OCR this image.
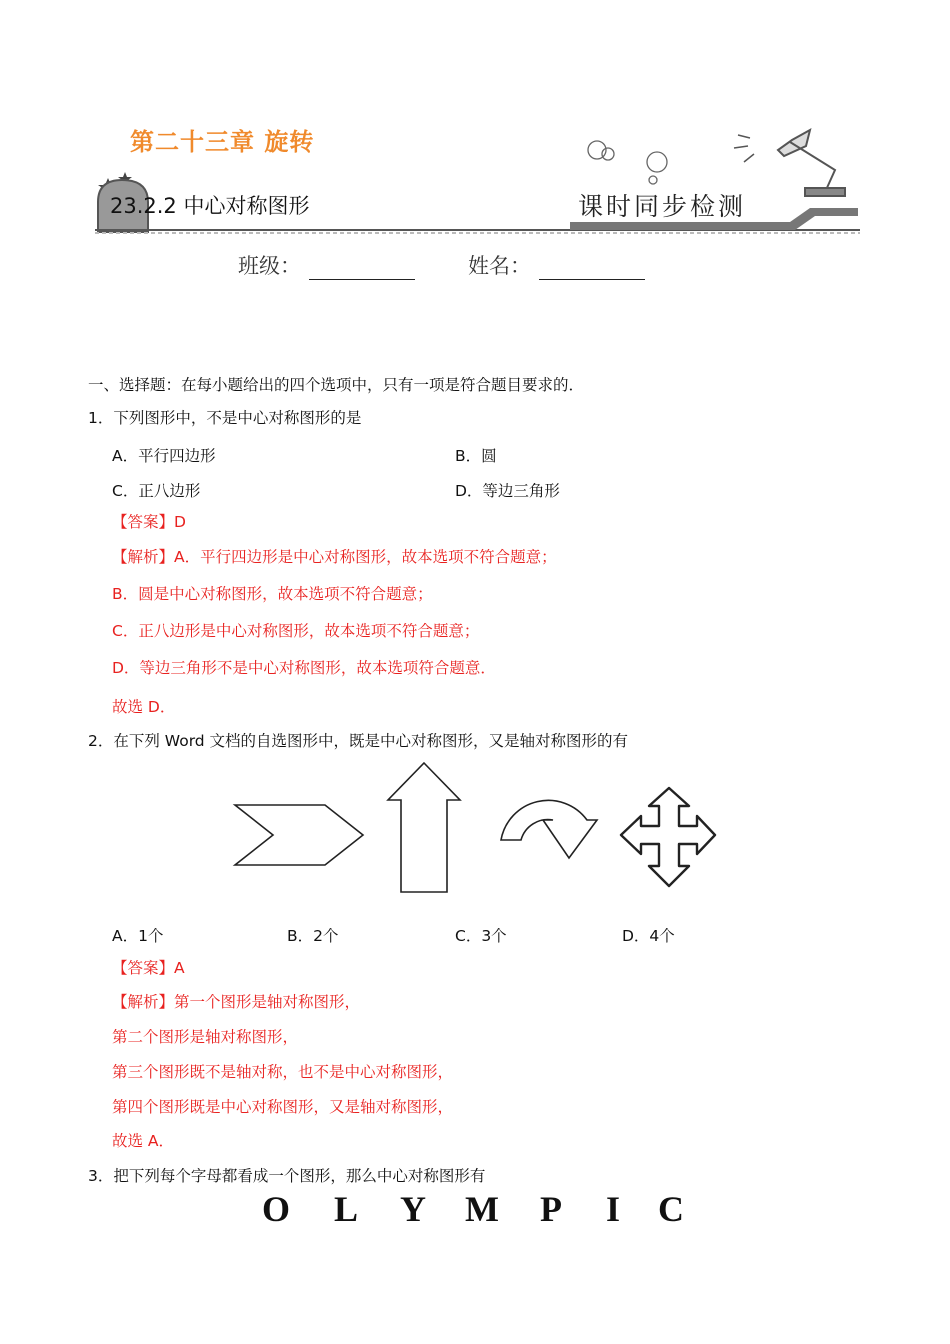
第二十三章 旋转
23.2.2 中心对称图形	课时同步检测
班级：	姓名：
一、选择题：在每小题给出的四个选项中，只有一项是符合题目要求的．
1．下列图形中，不是中心对称图形的是
A．平行四边形	B．圆
C．正八边形	D．等边三角形
【答案】D
【解析】A．平行四边形是中心对称图形，故本选项不符合题意；
B．圆是中心对称图形，故本选项不符合题意；
C．正八边形是中心对称图形，故本选项不符合题意；
D．等边三角形不是中心对称图形，故本选项符合题意．
故选 D．
2．在下列 Word 文档的自选图形中，既是中心对称图形，又是轴对称图形的有
A．1个	B．2个	C．3个	D．4个
【答案】A
【解析】第一个图形是轴对称图形，
第二个图形是轴对称图形，
第三个图形既不是轴对称，也不是中心对称图形，
第四个图形既是中心对称图形，又是轴对称图形，
故选 A．
3．把下列每个字母都看成一个图形，那么中心对称图形有
O L Y M P I C
